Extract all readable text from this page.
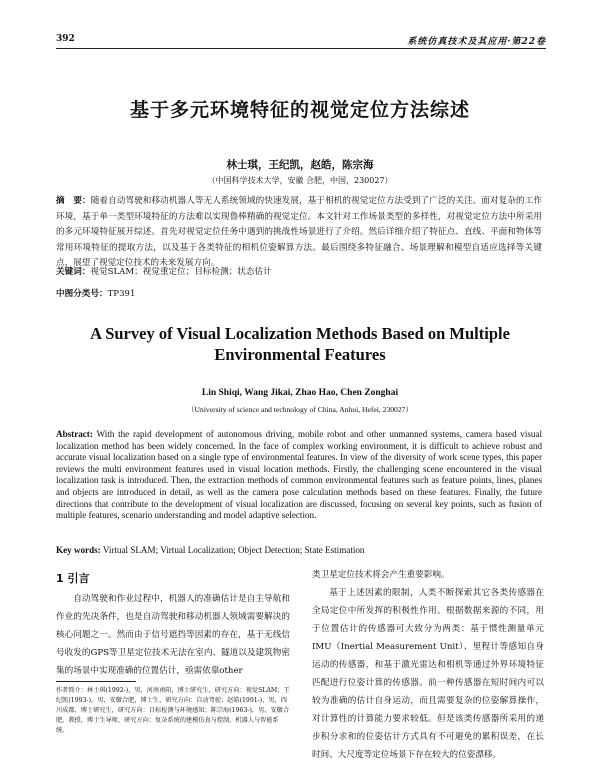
392	系统仿真技术及其应用·第22卷
基于多元环境特征的视觉定位方法综述
林士琪，王纪凯，赵皓，陈宗海
（中国科学技术大学，安徽 合肥，中国，230027）
摘　要：随着自动驾驶和移动机器人等无人系统领域的快速发展，基于相机的视觉定位方法受到了广泛的关注。面对复杂的工作环境，基于单一类型环境特征的方法难以实现鲁棒精确的视觉定位。本文针对工作场景类型的多样性，对视觉定位方法中所采用的多元环境特征展开综述。首先对视觉定位任务中遇到的挑战性场景进行了介绍。然后详细介绍了特征点、直线、平面和物体等常用环境特征的提取方法，以及基于各类特征的相机位姿解算方法。最后围绕多特征融合、场景理解和模型自适应选择等关键点，展望了视觉定位技术的未来发展方向。
关键词：视觉SLAM；视觉重定位；目标检测；状态估计
中图分类号：TP391
A Survey of Visual Localization Methods Based on Multiple Environmental Features
Lin Shiqi, Wang Jikai, Zhao Hao, Chen Zonghai
（University of science and technology of China, Anhui, Hefei, 230027）
Abstract: With the rapid development of autonomous driving, mobile robot and other unmanned systems, camera based visual localization method has been widely concerned. In the face of complex working environment, it is difficult to achieve robust and accurate visual localization based on a single type of environmental features. In view of the diversity of work scene types, this paper reviews the multi environment features used in visual location methods. Firstly, the challenging scene encountered in the visual localization task is introduced. Then, the extraction methods of common environmental features such as feature points, lines, planes and objects are introduced in detail, as well as the camera pose calculation methods based on these features. Finally, the future directions that contribute to the development of visual localization are discussed, focusing on several key points, such as fusion of multiple features, scenario understanding and model adaptive selection.
Key words: Virtual SLAM; Virtual Localization; Object Detection; State Estimation
1 引言

自动驾驶和作业过程中，机器人的准确估计是自主导航和作业的先决条件，也是自动驾驶和移动机器人领域需要解决的核心问题之一。然而由于信号遮挡等因素的存在，基于无线信号收发的GPS等卫星定位技术无法在室内、隧道以及建筑物密集的场景中实现准确的位置估计，亟需依靠other

类卫星定位技术将会产生重要影响。

基于上述因素的限制，人类不断探索其它各类传感器在全局定位中所发挥的积极性作用。根据数据来源的不同，用于位置估计的传感器可大致分为两类：基于惯性测量单元IMU（Inertial Measurement Unit）、里程计等感知自身运动的传感器，和基于激光雷达和相机等通过外界环境特征匹配进行位姿计算的传感器。前一种传感器在短时间内可以较为准确的估计自身运动，而且需要复杂的位姿解算操作，对计算性的计算能力要求较低。但是该类传感器所采用的递步积分求和的位姿估计方式具有不可避免的累积误差，在长时间、大尺度等定位场景下存在较大的位姿漂移。

作者简介：林士琪(1992-)，男，河南南阳，博士研究生，研究方向：视觉SLAM；王纪凯(1993-)，男，安徽合肥，博士生，研究方向：自动驾驶；赵皓(1991-)，男，四川成都，博士研究生，研究方向：目标检测与环境感知；陈宗海(1963-)，男，安徽合肥，教授，博士生导师，研究方向：复杂系统的建模仿真与控制、机器人与智能系统。
